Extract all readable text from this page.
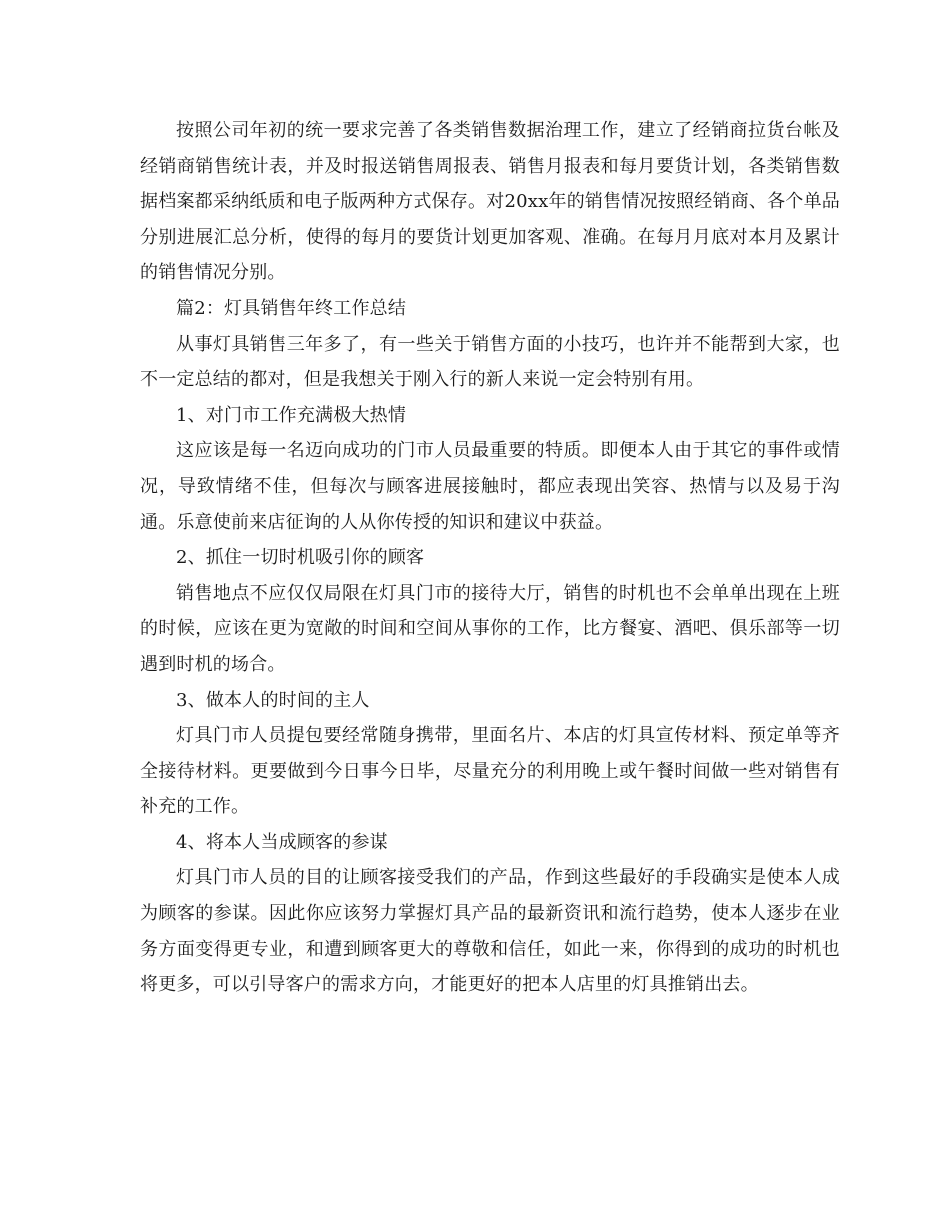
按照公司年初的统一要求完善了各类销售数据治理工作，建立了经销商拉货台帐及经销商销售统计表，并及时报送销售周报表、销售月报表和每月要货计划，各类销售数据档案都采纳纸质和电子版两种方式保存。对20xx年的销售情况按照经销商、各个单品分别进展汇总分析，使得的每月的要货计划更加客观、准确。在每月月底对本月及累计的销售情况分别。

篇2：灯具销售年终工作总结

从事灯具销售三年多了，有一些关于销售方面的小技巧，也许并不能帮到大家，也不一定总结的都对，但是我想关于刚入行的新人来说一定会特别有用。

1、对门市工作充满极大热情

这应该是每一名迈向成功的门市人员最重要的特质。即便本人由于其它的事件或情况，导致情绪不佳，但每次与顾客进展接触时，都应表现出笑容、热情与以及易于沟通。乐意使前来店征询的人从你传授的知识和建议中获益。

2、抓住一切时机吸引你的顾客

销售地点不应仅仅局限在灯具门市的接待大厅，销售的时机也不会单单出现在上班的时候，应该在更为宽敞的时间和空间从事你的工作，比方餐宴、酒吧、俱乐部等一切遇到时机的场合。

3、做本人的时间的主人

灯具门市人员提包要经常随身携带，里面名片、本店的灯具宣传材料、预定单等齐全接待材料。更要做到今日事今日毕，尽量充分的利用晚上或午餐时间做一些对销售有补充的工作。

4、将本人当成顾客的参谋

灯具门市人员的目的让顾客接受我们的产品，作到这些最好的手段确实是使本人成为顾客的参谋。因此你应该努力掌握灯具产品的最新资讯和流行趋势，使本人逐步在业务方面变得更专业，和遭到顾客更大的尊敬和信任，如此一来，你得到的成功的时机也将更多，可以引导客户的需求方向，才能更好的把本人店里的灯具推销出去。
